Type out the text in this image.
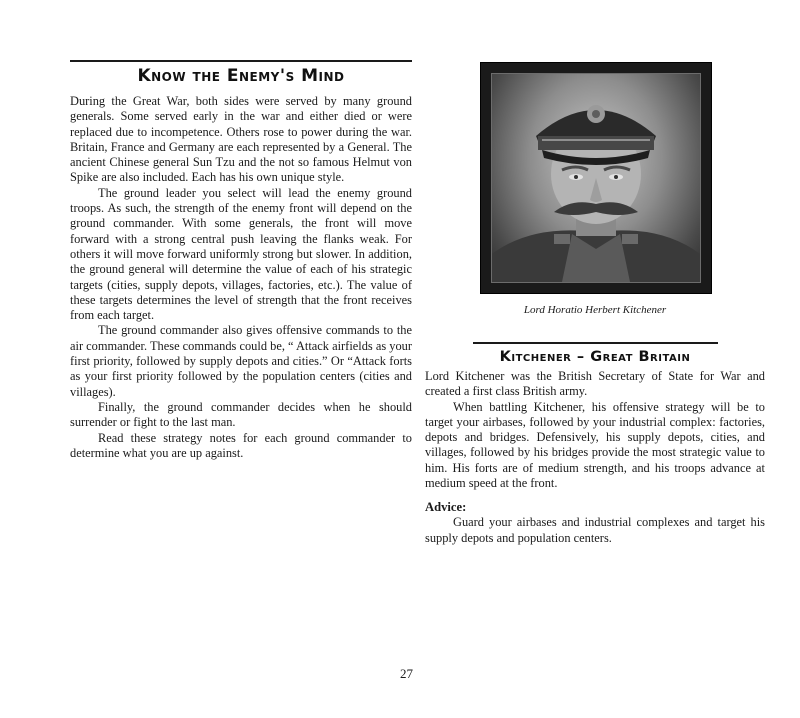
Know the Enemy's Mind

During the Great War, both sides were served by many ground generals. Some served early in the war and either died or were replaced due to incompetence. Others rose to power during the war. Britain, France and Germany are each represented by a General. The ancient Chinese general Sun Tzu and the not so famous Helmut von Spike are also included. Each has his own unique style.

The ground leader you select will lead the enemy ground troops. As such, the strength of the enemy front will depend on the ground commander. With some generals, the front will move forward with a strong central push leaving the flanks weak. For others it will move forward uniformly strong but slower. In addition, the ground general will determine the value of each of his strategic targets (cities, supply depots, villages, factories, etc.). The value of these targets determines the level of strength that the front receives from each target.

The ground commander also gives offensive commands to the air commander. These commands could be, “ Attack airfields as your first priority, followed by supply depots and cities.” Or “Attack forts as your first priority followed by the population centers (cities and villages).

Finally, the ground commander decides when he should surrender or fight to the last man.

Read these strategy notes for each ground commander to determine what you are up against.

Lord Horatio Herbert Kitchener
Kitchener – Great Britain

Lord Kitchener was the British Secretary of State for War and created a first class British army.

When battling Kitchener, his offensive strategy will be to target your airbases, followed by your industrial complex: factories, depots and bridges. Defensively, his supply depots, cities, and villages, followed by his bridges provide the most strategic value to him. His forts are of medium strength, and his troops advance at medium speed at the front.

Advice:

Guard your airbases and industrial complexes and target his supply depots and population centers.

27
